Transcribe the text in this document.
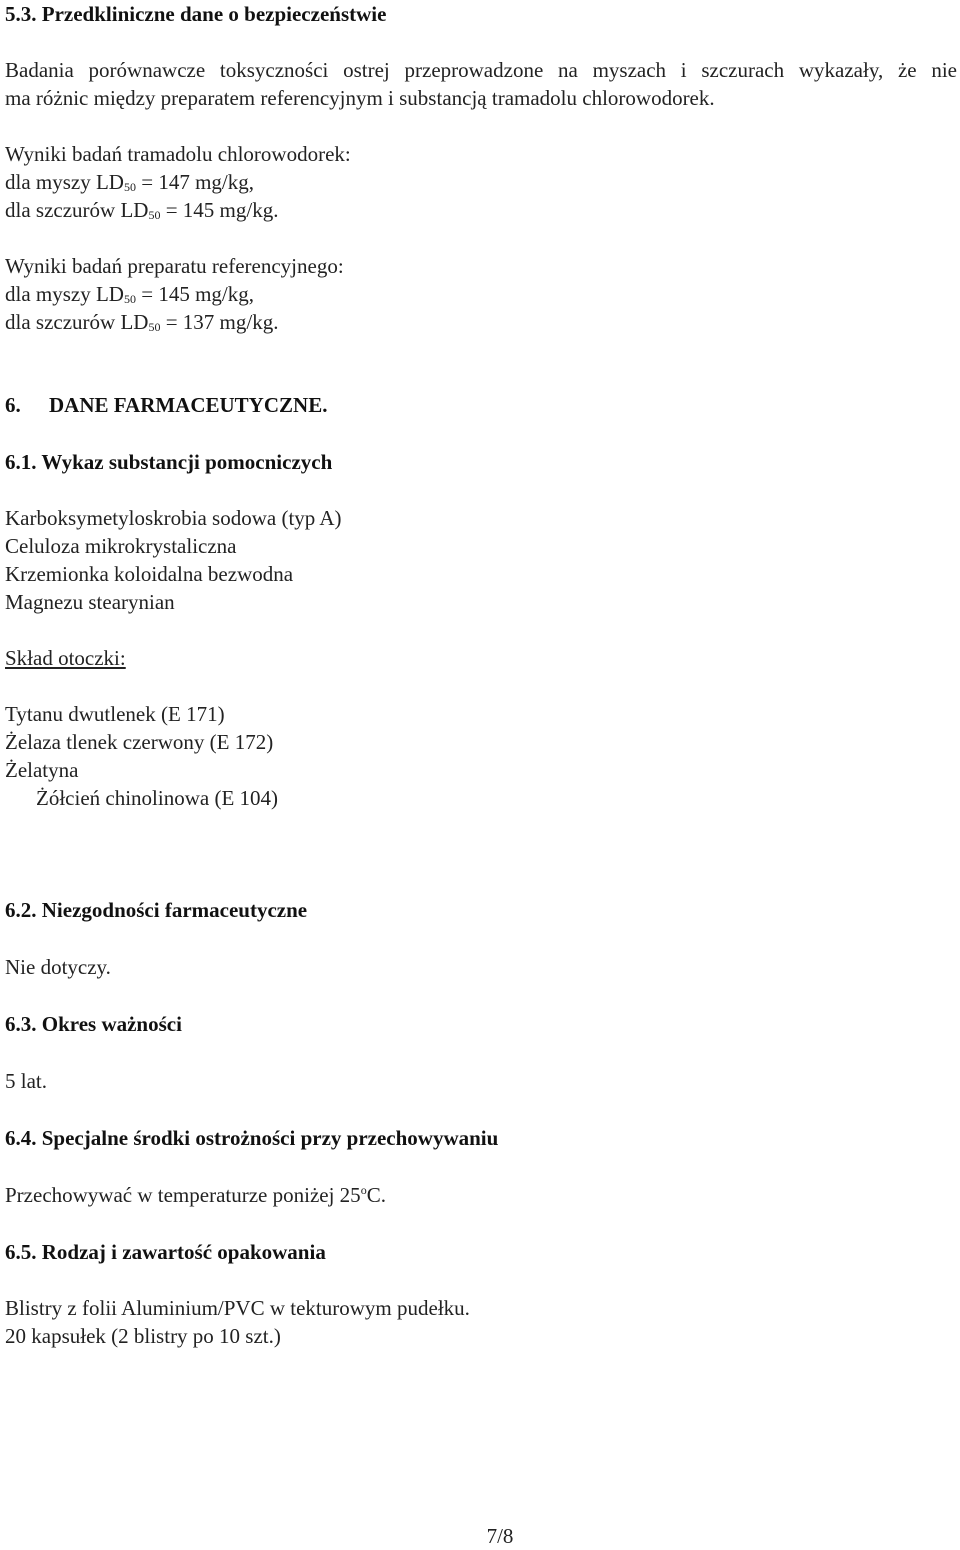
5.3. Przedkliniczne dane o bezpieczeństwie
Badania porównawcze toksyczności ostrej przeprowadzone na myszach i szczurach wykazały, że nie
ma różnic między preparatem referencyjnym i substancją tramadolu chlorowodorek.
Wyniki badań tramadolu chlorowodorek:
dla myszy $LD_{50} = 147$ mg/kg,
dla szczurów $LD_{50} = 145$ mg/kg.
Wyniki badań preparatu referencyjnego:
dla myszy $LD_{50} = 145$ mg/kg,
dla szczurów $LD_{50} = 137$ mg/kg.
6. DANE FARMACEUTYCZNE.
6.1. Wykaz substancji pomocniczych
Karboksymetyloskrobia sodowa (typ A)
Celuloza mikrokrystaliczna
Krzemionka koloidalna bezwodna
Magnezu stearynian
Skład otoczki:
Tytanu dwutlenek (E 171)
Żelaza tlenek czerwony (E 172)
Żelatyna
Żółcień chinolinowa (E 104)
6.2. Niezgodności farmaceutyczne
Nie dotyczy.
6.3. Okres ważności
5 lat.
6.4. Specjalne środki ostrożności przy przechowywaniu
Przechowywać w temperaturze poniżej 25$^o$C.
6.5. Rodzaj i zawartość opakowania
Blistry z folii Aluminium/PVC w tekturowym pudełku.
20 kapsułek (2 blistry po 10 szt.)
7/8
